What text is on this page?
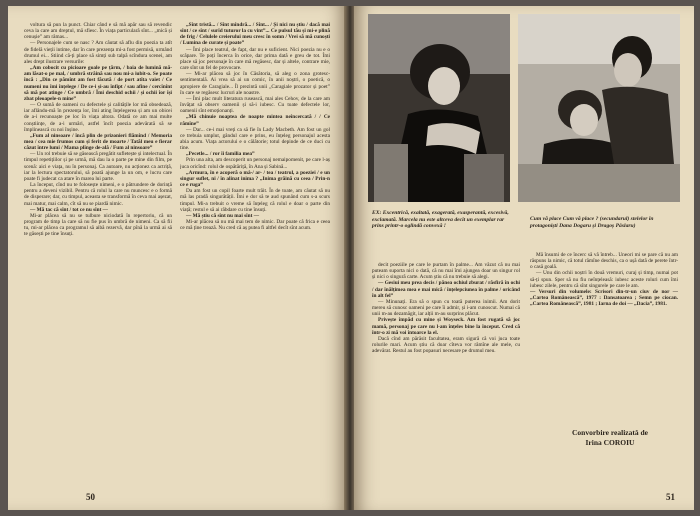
voltura să pun la punct. Chiar când e să mă apăr sau să revendic ceva la care am dreptul, mă sfiesc. În viața particulară sînt... „mică și cenușie” am rămas...

— Personajele cum se nasc ? Am căutat să aflu din poezia ta atît de fidelă vieții intime, dar în care prezența mi-a fost permisă, urmând drumul ei... Stiind că-ți place să simți sub talpă scîndura scenei, am ales drept ilustrare versurile:

„Am cobocit cu picioare goale pe țărm, / baia de lumină mă-am lăsat-o pe mal, / umbră străină sau nou mi-a iubit-o. Se poate încă : „Din ce pămînt am fost făcută / de port atîta vaiet / Ce numeni nu îmi înțelege / De ce-i și-au înfipt / sau afine / cercînînt să mă pot atinge / Ce umbră / Îmi deschid ochii / și ochii îor își zbat pleoapele-n mine”

— O sumă de oameni cu defectele și calitățile lor mă obsedează, iar aflându-mă în prezența lor, îmi ating înțelegerea și am un obicei de a-i recunoaște pe loc în viața altora. Odată ce am mai multe conștiințe, de a-i urmări, astfel încît poezia adevărată să se împlinească cu noi înșine.

„Fum al ninsoare / încă plin de prizonieri flămînd / Memoria mea / cea mie frumos cum și ferit de moarte / Tatăl meu e fierar căzut între lumi / Mama plînge de-ală / Fum al ninsoare”

— Un rol trebuie să se găsească pregătit sufletește și intelectual. În timpul repetițiilor și pe urmă, mă dau la o parte pe mine din film, pe scenă: aici e viața, nu în personaj. Ca autoare, nu acționez ca actriță, iar la lectura spectatorului, să poată ajunge la un om, e lucru care poate fi judecat ca atare în marea lui parte.

La început, cînd nu te folosește nimeni, e o pătrundere de dorință pentru a deveni vizibil. Pentru că rolul la care nu muncesc e o formă de disperare; dar, cu timpul, aceasta se transformă în ceva mai așezat, mai matur, mai calm, cît să nu se piardă nimic.

— Mă tac că sînt / tot ce nu sînt —

Mi-ar plăcea să nu se tulbure niciodată în repertoriu, că un program de timp la care să nu fie pus în umbră de nimeni. Ca să fii tu, mi-ar plăcea ca programul să aibă rezervă, dar pînă la urmă ai să te găsești pe tine însuți.

„Sînt tristă... / Sînt mîndră... / Sînt... / Și nici nu știu / dacă mai sînt / ce sînt / surîd tuturor la cu vint”... Ce pulsul tău și mi-e plină de frig / Celulele creierului meu cresc în somn / Vrei să mă cunoști / Lumina de curate și poate”

— Îmi place teatrul, de fapt, dar nu e suficient. Nici poezia nu e o scăpare. Te poți încerca în orice, dar prima dată e greu de tot. Îmi place să joc personaje în care mă regăsesc, dar și altele, contrare mie, care sînt un fel de provocare.

— Mi-ar plăcea să joc în Căsătoria, să aleg o zona grotesc-sentimentală. Ai vrea să ai un comic, în anii noștri, o poetică, o apropiere de Caragiale... Îl prezintă unii „Caragiale prozator și poet” în care se regăsesc lucruri ale noastre.

— Îmi plac mult literatura rusească, mai ales Cehov, de la care am învățat să observ oamenii și să-i iubesc. Cu toate defectele lor, oamenii sînt emoționanți.

„Mă chinuie noaptea de noapte mintea neîncercată / / Ce rămîne”

— Dar... ce-i mai vreți ca să fie în Lady Macbeth. Am fost un gol ce trebuia umplut, gândul care e prins, eu înțeleg personajul acesta abia acum. Viața actorului e o călătorie; totul depinde de ce duci cu tine.

„Pecetle... / ror îi familia mea”

Prin una alta, am descoperit un personaj nemaipomenit, pe care l-aș juca oricînd: rolul de ospătăriță, în Ana și Sabină...

„Armura, în e acoperă o mâ-/ ar- / tea / teatrul, a poeziei / e un singur suflet, ni / în alinat inima ? „Inima grăină cu ceea / Prin-n ce e ruga”

Da am fost un copil foarte mult trăit. În de toate, am căutat să nu mă las pradă singurătății. Îmi e dor să te aud spunând cum s-a scurs timpul. Mi-a trebuit o vreme să înțeleg că rolul e doar o parte din viață; restul e să ai răbdare cu tine însuți.

— Mă știu că sînt nu mai sînt —

Mi-ar plăcea să nu mă mai tem de nimic. Dar poate că frica e ceea ce mă ține trează. Nu cred că aș putea fi altfel decît sînt acum.

50
EX: Excentrică, exaltată, exagerată, exasperantă, excesivă, exclamată. Marcela nu este altceva decît un exemplar rar prins printr-o oglindă convexă !
Cum vă place Cum vă place ? (secundarul) stelelor în protagoniști Dana Dogaru și Dragoș Pâslaru)

decit poeziile pe care le purtam în palme... Am văzut că nu mai puteam suporta nici o dată, că nu mai îmi ajungea doar un singur rol și nici o singură carte. Acum știu că nu trebuie să alegi.

— Gesiui meu prea decis / pănea ochiul zburat / răsfiră în ochi / dar înălțimea mea e mai mică / înțelepciunea în palme / oricând în alt fel”

— Minunați. Era să o spun cu toată puterea inimii. Am dorit mereu să cunosc oameni pe care îi admir, și i-am cunoscut. Numai că unii m-au dezamăgit, iar alții m-au surprins plăcut.

Privește împăd cu mine și Woyseck. Am fost rugată să joc mamă, personaj pe care nu l-am înțeles bine la început. Cred că într-o zi mă voi întoarce la el.

Dacă cînd am părăsit facultatea, eram sigură că voi juca toate rolurile mari. Acum știu că doar cîteva vor rămîne ale mele, cu adevărat. Restul au fost popasuri necesare pe drumul meu.

Mă însumi de ce încerc să vă întreb... Uneori mi se pare că nu am răspuns la nimic, că totul rămîne deschis, ca o ușă dată de perete într-o casă goală.

— Unu din ochii noștri în două vremuri, curaj și timp, numai pot să-ți spun. Sper să nu fiu neînțeleasă: iubesc aceste roluri cum îmi iubesc zilele, pentru că sînt singurele pe care le am.

— Versuri din volumele: Scrisori din-tr-un ciuv de nor — „Cartea Românească”, 1977 : Dansatoarea ; Semn pe ciocan. „Cartea Românească”, 1981 ; Iarna de doi — „Dacia”, 1981.

Convorbire realizată de
Irina COROIU
51
